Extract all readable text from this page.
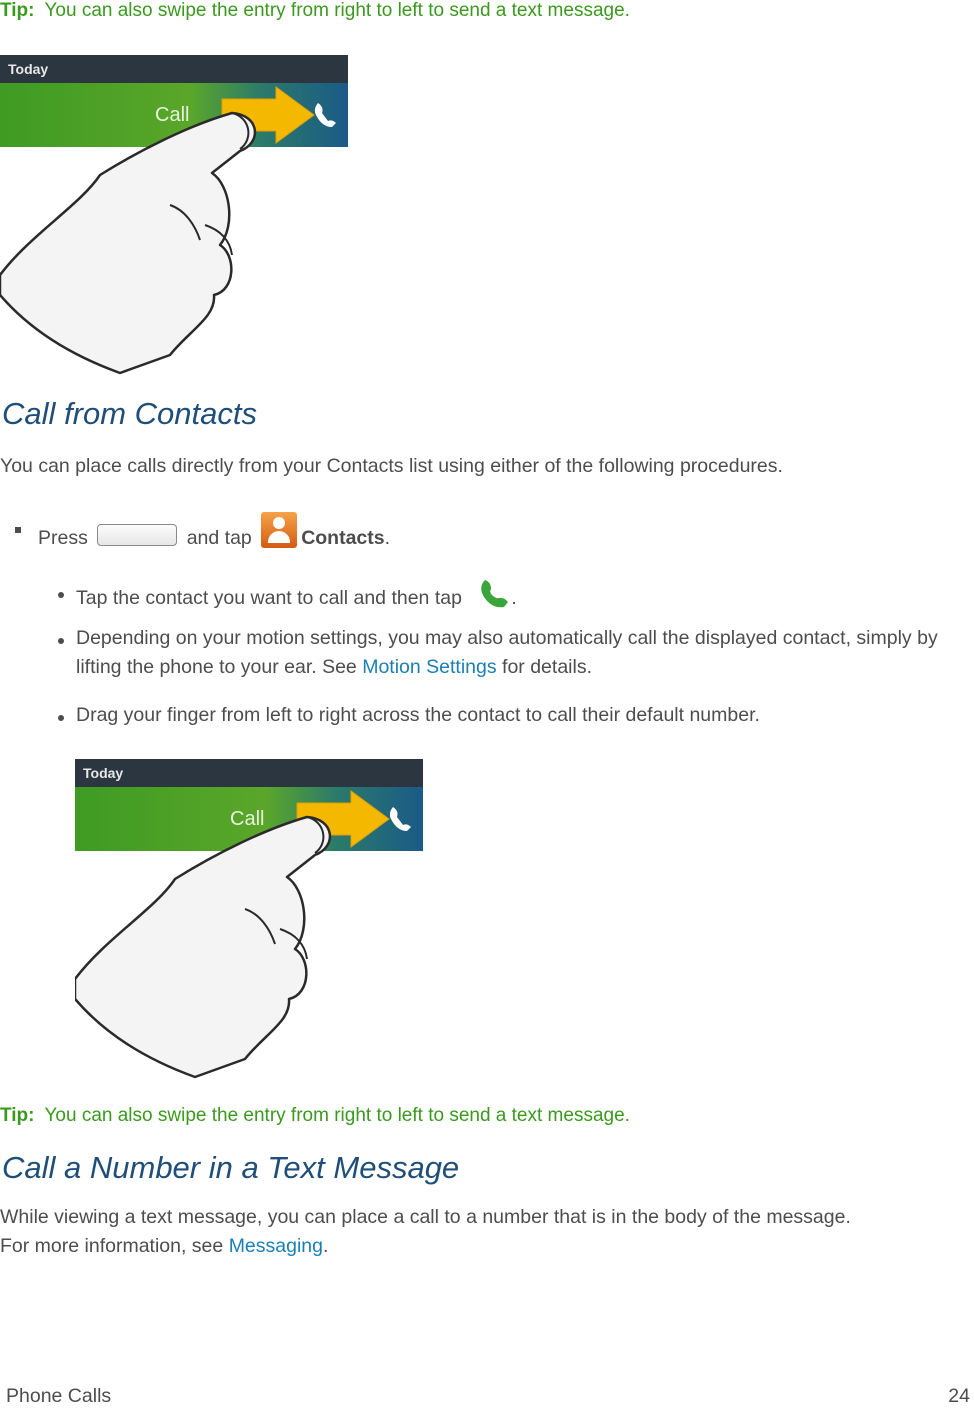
Tip: You can also swipe the entry from right to left to send a text message.
Today
Call
Call from Contacts
You can place calls directly from your Contacts list using either of the following procedures.
Press	and tap	Contacts.
Tap the contact you want to call and then tap	.
Depending on your motion settings, you may also automatically call the displayed contact, simply by lifting the phone to your ear. See Motion Settings for details.
Drag your finger from left to right across the contact to call their default number.
Today
Call
Tip: You can also swipe the entry from right to left to send a text message.
Call a Number in a Text Message
While viewing a text message, you can place a call to a number that is in the body of the message.
For more information, see Messaging.
Phone Calls	24
